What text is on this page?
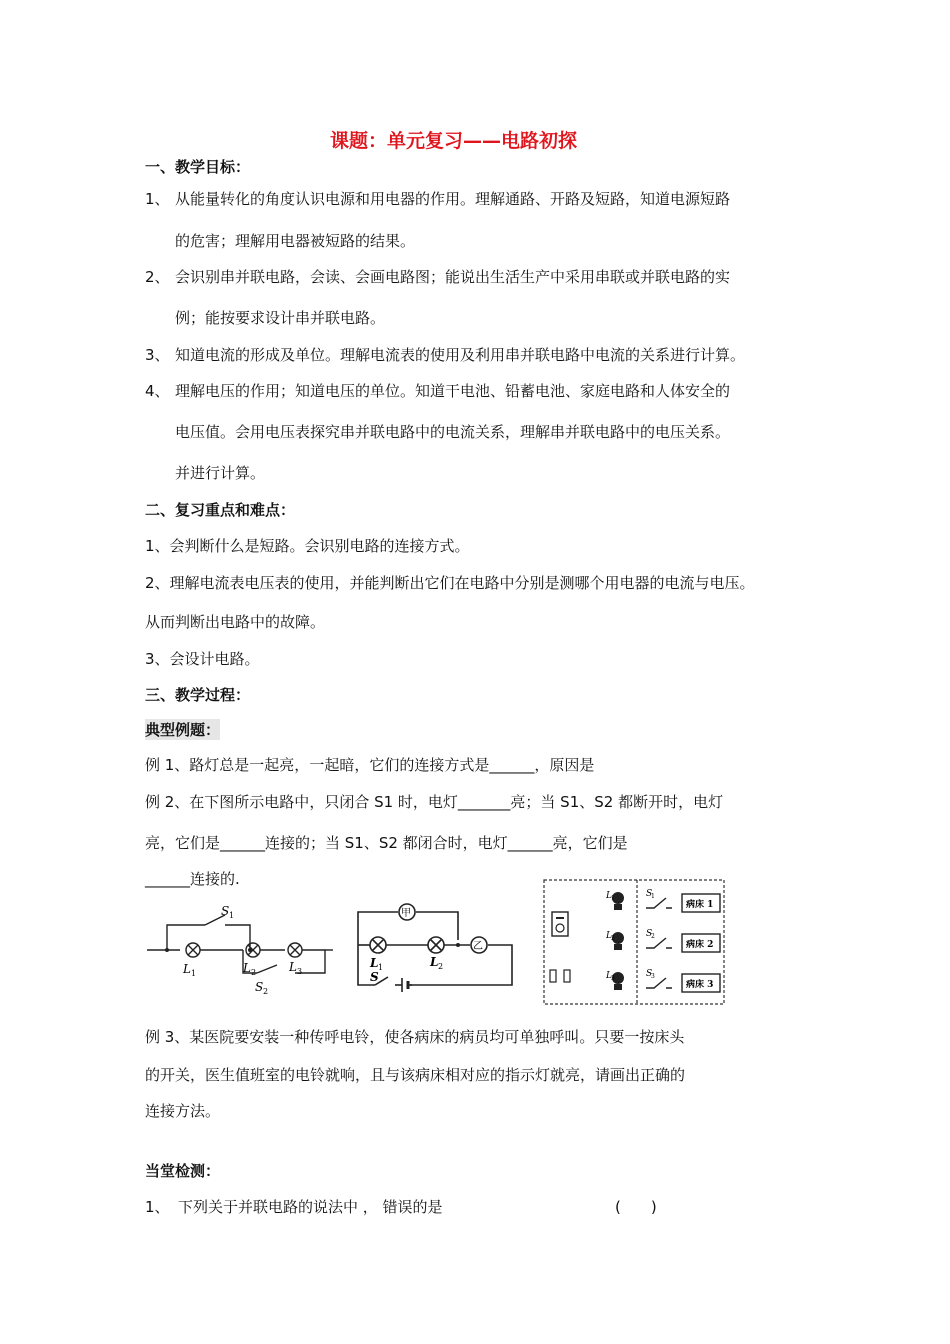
课题：单元复习——电路初探
一、教学目标：
1、 从能量转化的角度认识电源和用电器的作用。理解通路、开路及短路，知道电源短路
的危害；理解用电器被短路的结果。
2、 会识别串并联电路，会读、会画电路图；能说出生活生产中采用串联或并联电路的实
例；能按要求设计串并联电路。
3、 知道电流的形成及单位。理解电流表的使用及利用串并联电路中电流的关系进行计算。
4、 理解电压的作用；知道电压的单位。知道干电池、铅蓄电池、家庭电路和人体安全的
电压值。会用电压表探究串并联电路中的电流关系，理解串并联电路中的电压关系。
并进行计算。
二、复习重点和难点：
1、会判断什么是短路。会识别电路的连接方式。
2、理解电流表电压表的使用，并能判断出它们在电路中分别是测哪个用电器的电流与电压。
从而判断出电路中的故障。
3、会设计电路。
三、教学过程：
典型例题：
例 1、路灯总是一起亮，一起暗，它们的连接方式是______，原因是
例 2、在下图所示电路中，只闭合 S1 时，电灯_______亮；当 S1、S2 都断开时，电灯
亮，它们是______连接的；当 S1、S2 都闭合时，电灯______亮，它们是
______连接的.
S 1
L 1	L 2	L 3
S 2
甲
乙
L 1	L 2
S
L 1
L 2
L 3
S
1
S
2
S
3
病床 1
病床 2
病床 3
例 3、某医院要安装一种传呼电铃，使各病床的病员均可单独呼叫。只要一按床头
的开关，医生值班室的电铃就响，且与该病床相对应的指示灯就亮，请画出正确的
连接方法。
当堂检测：
1、 下列关于并联电路的说法中 ， 错误的是	(　　)
